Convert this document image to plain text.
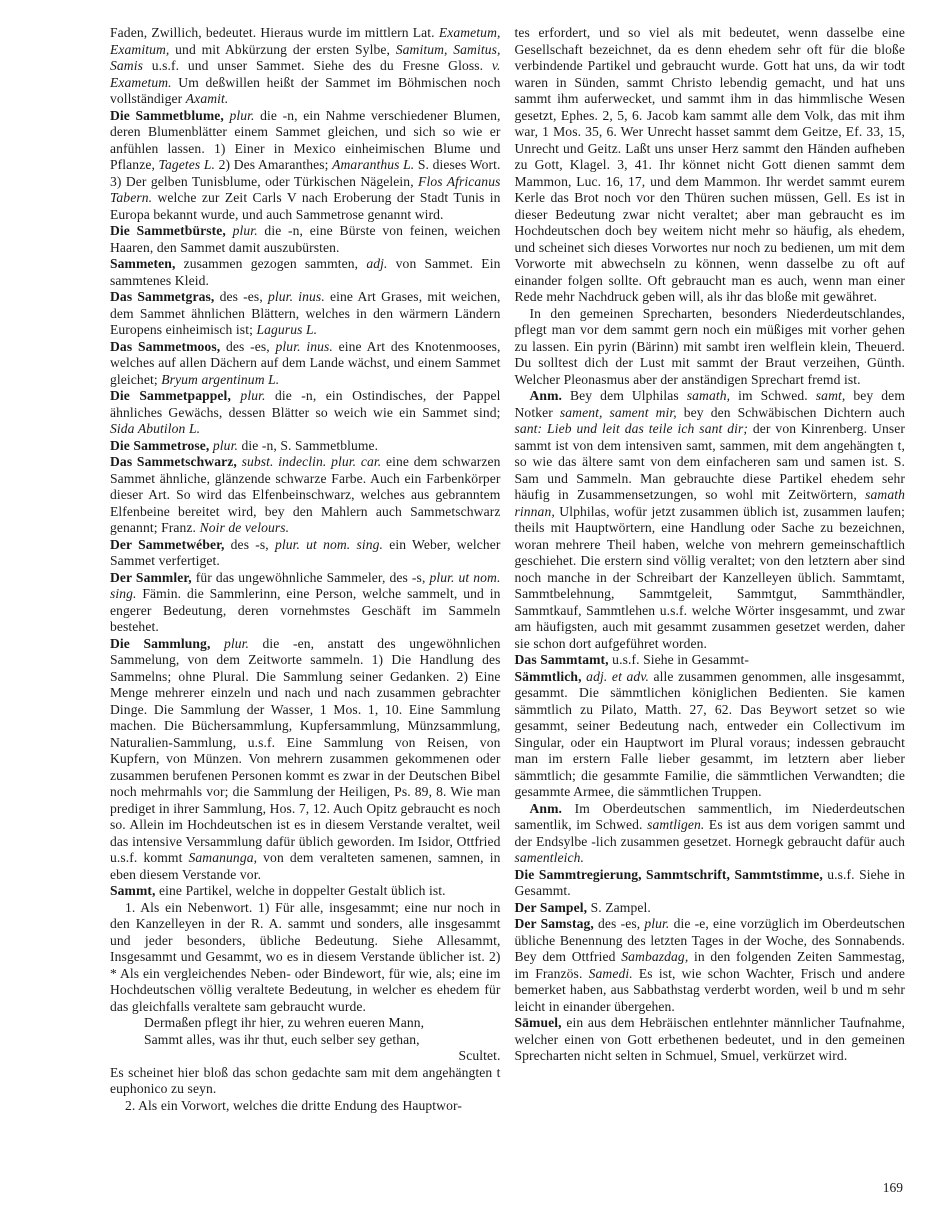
Faden, Zwillich, bedeutet. Hieraus wurde im mittlern Lat. Exametum, Examitum, und mit Abkürzung der ersten Sylbe, Samitum, Samitus, Samis u.s.f. und unser Sammet. Siehe des du Fresne Gloss. v. Exametum. Um deßwillen heißt der Sammet im Böhmischen noch vollständiger Axamit.

Die Sammetblume, plur. die -n, ein Nahme verschiedener Blumen, deren Blumenblätter einem Sammet gleichen, und sich so wie er anfühlen lassen. 1) Einer in Mexico einheimischen Blume und Pflanze, Tagetes L. 2) Des Amaranthes; Amaranthus L. S. dieses Wort. 3) Der gelben Tunisblume, oder Türkischen Nägelein, Flos Africanus Tabern. welche zur Zeit Carls V nach Eroberung der Stadt Tunis in Europa bekannt wurde, und auch Sammetrose genannt wird.

Die Sammetbürste, plur. die -n, eine Bürste von feinen, weichen Haaren, den Sammet damit auszubürsten.

Sammeten, zusammen gezogen sammten, adj. von Sammet. Ein sammtenes Kleid.

Das Sammetgras, des -es, plur. inus. eine Art Grases, mit weichen, dem Sammet ähnlichen Blättern, welches in den wärmern Ländern Europens einheimisch ist; Lagurus L.

Das Sammetmoos, des -es, plur. inus. eine Art des Knotenmooses, welches auf allen Dächern auf dem Lande wächst, und einem Sammet gleichet; Bryum argentinum L.

Die Sammetpappel, plur. die -n, ein Ostindisches, der Pappel ähnliches Gewächs, dessen Blätter so weich wie ein Sammet sind; Sida Abutilon L.

Die Sammetrose, plur. die -n, S. Sammetblume.

Das Sammetschwarz, subst. indeclin. plur. car. eine dem schwarzen Sammet ähnliche, glänzende schwarze Farbe. Auch ein Farbenkörper dieser Art. So wird das Elfenbeinschwarz, welches aus gebranntem Elfenbeine bereitet wird, bey den Mahlern auch Sammetschwarz genannt; Franz. Noir de velours.

Der Sammetwéber, des -s, plur. ut nom. sing. ein Weber, welcher Sammet verfertiget.

Der Sammler, für das ungewöhnliche Sammeler, des -s, plur. ut nom. sing. Fämin. die Sammlerinn, eine Person, welche sammelt, und in engerer Bedeutung, deren vornehmstes Geschäft im Sammeln bestehet.

Die Sammlung, plur. die -en, anstatt des ungewöhnlichen Sammelung, von dem Zeitworte sammeln. 1) Die Handlung des Sammelns; ohne Plural. Die Sammlung seiner Gedanken. 2) Eine Menge mehrerer einzeln und nach und nach zusammen gebrachter Dinge. Die Sammlung der Wasser, 1 Mos. 1, 10. Eine Sammlung machen. Die Büchersammlung, Kupfersammlung, Münzsammlung, Naturalien-Sammlung, u.s.f. Eine Sammlung von Reisen, von Kupfern, von Münzen. Von mehrern zusammen gekommenen oder zusammen berufenen Personen kommt es zwar in der Deutschen Bibel noch mehrmahls vor; die Sammlung der Heiligen, Ps. 89, 8. Wie man prediget in ihrer Sammlung, Hos. 7, 12. Auch Opitz gebraucht es noch so. Allein im Hochdeutschen ist es in diesem Verstande veraltet, weil das intensive Versammlung dafür üblich geworden. Im Isidor, Ottfried u.s.f. kommt Samanunga, von dem veralteten samenen, samnen, in eben diesem Verstande vor.

Sammt, eine Partikel, welche in doppelter Gestalt üblich ist.

1. Als ein Nebenwort. 1) Für alle, insgesammt; eine nur noch in den Kanzelleyen in der R. A. sammt und sonders, alle insgesammt und jeder besonders, übliche Bedeutung. Siehe Allesammt, Insgesammt und Gesammt, wo es in diesem Verstande üblicher ist. 2) * Als ein vergleichendes Neben- oder Bindewort, für wie, als; eine im Hochdeutschen völlig veraltete Bedeutung, in welcher es ehedem für das gleichfalls veraltete sam gebraucht wurde.

Dermaßen pflegt ihr hier, zu wehren eueren Mann,
Sammt alles, was ihr thut, euch selber sey gethan,
Scultet.

Es scheinet hier bloß das schon gedachte sam mit dem angehängten t euphonico zu seyn.

2. Als ein Vorwort, welches die dritte Endung des Hauptwor-

tes erfordert, und so viel als mit bedeutet, wenn dasselbe eine Gesellschaft bezeichnet, da es denn ehedem sehr oft für die bloße verbindende Partikel und gebraucht wurde. Gott hat uns, da wir todt waren in Sünden, sammt Christo lebendig gemacht, und hat uns sammt ihm auferwecket, und sammt ihm in das himmlische Wesen gesetzt, Ephes. 2, 5, 6. Jacob kam sammt alle dem Volk, das mit ihm war, 1 Mos. 35, 6. Wer Unrecht hasset sammt dem Geitze, Ef. 33, 15, Unrecht und Geitz. Laßt uns unser Herz sammt den Händen aufheben zu Gott, Klagel. 3, 41. Ihr könnet nicht Gott dienen sammt dem Mammon, Luc. 16, 17, und dem Mammon. Ihr werdet sammt eurem Kerle das Brot noch vor den Thüren suchen müssen, Gell. Es ist in dieser Bedeutung zwar nicht veraltet; aber man gebraucht es im Hochdeutschen doch bey weitem nicht mehr so häufig, als ehedem, und scheinet sich dieses Vorwortes nur noch zu bedienen, um mit dem Vorworte mit abwechseln zu können, wenn dasselbe zu oft auf einander folgen sollte. Oft gebraucht man es auch, wenn man einer Rede mehr Nachdruck geben will, als ihr das bloße mit gewähret.

In den gemeinen Sprecharten, besonders Niederdeutschlandes, pflegt man vor dem sammt gern noch ein müßiges mit vorher gehen zu lassen. Ein pyrin (Bärinn) mit sambt iren welflein klein, Theuerd. Du solltest dich der Lust mit sammt der Braut verzeihen, Günth. Welcher Pleonasmus aber der anständigen Sprechart fremd ist.

Anm. Bey dem Ulphilas samath, im Schwed. samt, bey dem Notker sament, sament mir, bey den Schwäbischen Dichtern auch sant: Lieb und leit das teile ich sant dir; der von Kinrenberg. Unser sammt ist von dem intensiven samt, sammen, mit dem angehängten t, so wie das ältere samt von dem einfacheren sam und samen ist. S. Sam und Sammeln. Man gebrauchte diese Partikel ehedem sehr häufig in Zusammensetzungen, so wohl mit Zeitwörtern, samath rinnan, Ulphilas, wofür jetzt zusammen üblich ist, zusammen laufen; theils mit Hauptwörtern, eine Handlung oder Sache zu bezeichnen, woran mehrere Theil haben, welche von mehrern gemeinschaftlich geschiehet. Die erstern sind völlig veraltet; von den letztern aber sind noch manche in der Schreibart der Kanzelleyen üblich. Sammtamt, Sammtbelehnung, Sammtgeleit, Sammtgut, Sammthändler, Sammtkauf, Sammtlehen u.s.f. welche Wörter insgesammt, und zwar am häufigsten, auch mit gesammt zusammen gesetzet werden, daher sie schon dort aufgeführet worden.

Das Sammtamt, u.s.f. Siehe in Gesammt-

Sämmtlich, adj. et adv. alle zusammen genommen, alle insgesammt, gesammt. Die sämmtlichen königlichen Bedienten. Sie kamen sämmtlich zu Pilato, Matth. 27, 62. Das Beywort setzet so wie gesammt, seiner Bedeutung nach, entweder ein Collectivum im Singular, oder ein Hauptwort im Plural voraus; indessen gebraucht man im erstern Falle lieber gesammt, im letztern aber lieber sämmtlich; die gesammte Familie, die sämmtlichen Verwandten; die gesammte Armee, die sämmtlichen Truppen.

Anm. Im Oberdeutschen sammentlich, im Niederdeutschen samentlik, im Schwed. samtligen. Es ist aus dem vorigen sammt und der Endsylbe -lich zusammen gesetzet. Hornegk gebraucht dafür auch samentleich.

Die Sammtregierung, Sammtschrift, Sammtstimme, u.s.f. Siehe in Gesammt.

Der Sampel, S. Zampel.

Der Samstag, des -es, plur. die -e, eine vorzüglich im Oberdeutschen übliche Benennung des letzten Tages in der Woche, des Sonnabends. Bey dem Ottfried Sambazdag, in den folgenden Zeiten Sammestag, im Französ. Samedi. Es ist, wie schon Wachter, Frisch und andere bemerket haben, aus Sabbathstag verderbt worden, weil b und m sehr leicht in einander übergehen.

Sāmuel, ein aus dem Hebräischen entlehnter männlicher Taufnahme, welcher einen von Gott erbethenen bedeutet, und in den gemeinen Sprecharten nicht selten in Schmuel, Smuel, verkürzet wird.

169
